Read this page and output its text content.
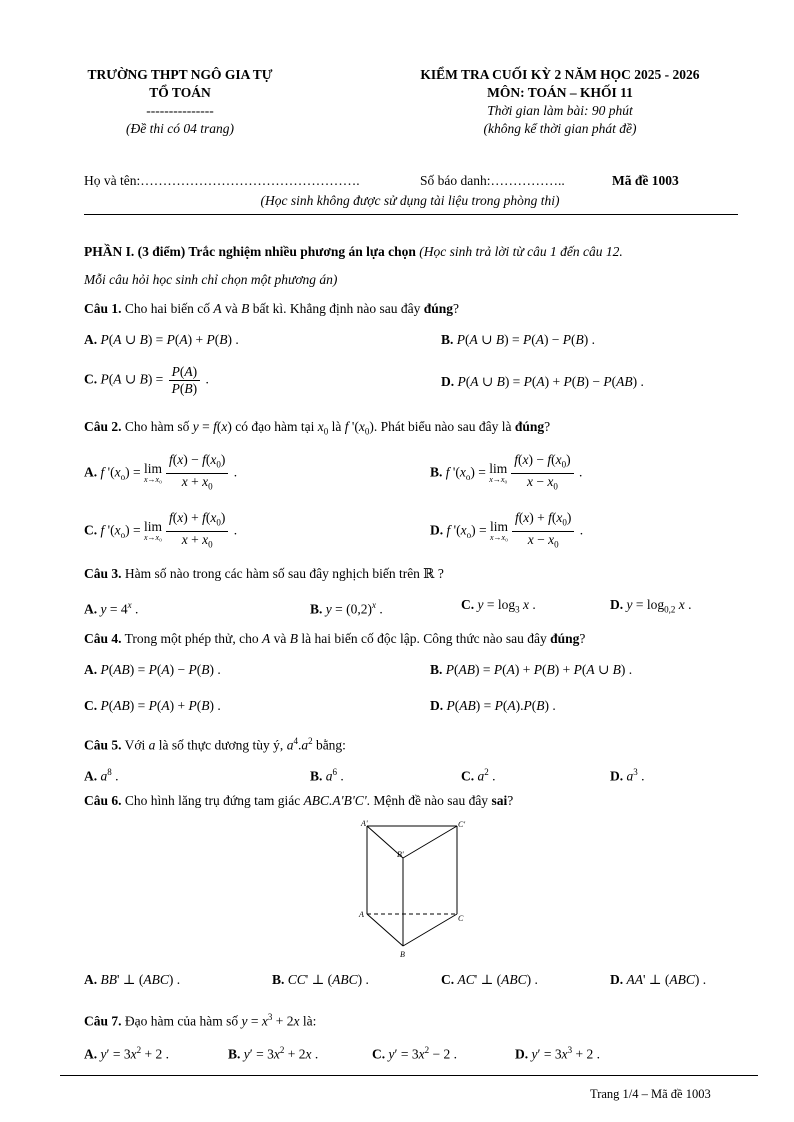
TRƯỜNG THPT NGÔ GIA TỰ
TỔ TOÁN
---------------
(Đề thi có 04 trang)
KIỂM TRA CUỐI KỲ 2 NĂM HỌC 2025 - 2026
MÔN: TOÁN – KHỐI 11
Thời gian làm bài: 90 phút
(không kể thời gian phát đề)
Họ và tên:………………………………………….	Số báo danh:……………..	Mã đề 1003
(Học sinh không được sử dụng tài liệu trong phòng thi)
PHẦN I. (3 điểm) Trắc nghiệm nhiều phương án lựa chọn (Học sinh trả lời từ câu 1 đến câu 12.
Mỗi câu hỏi học sinh chỉ chọn một phương án)
Câu 1. Cho hai biến cố A và B bất kì. Khẳng định nào sau đây đúng?
A. P(A ∪ B) = P(A) + P(B) .	B. P(A ∪ B) = P(A) − P(B) .
C. P(A ∪ $B) = \frac{P(A)}{P(B)}$ .	D. P(A ∪ B) = P(A) + P(B) − P(AB) .
Câu 2. Cho hàm số y = f(x) có đạo hàm tại $x_0$ là f '$(x_0)$. Phát biểu nào sau đây là đúng?
A. f '$(x_o) = \lim$
$x\to x_0 \frac{f(x) - f(x_0)}{x + x_0}$ .	B. f '$(x_o) = \lim$
$x\to x_0 \frac{f(x) - f(x_0)}{x - x_0}$ .
C. f '$(x_o) = \lim$
$x\to x_0 \frac{f(x) + f(x_0)}{x + x_0}$ .	D. f '$(x_o) = \lim$
$x\to x_0 \frac{f(x) + f(x_0)}{x - x_0}$ .
Câu 3. Hàm số nào trong các hàm số sau đây nghịch biến trên ℝ ?
A. $y = 4^x$ .	B. $y = (0,2)^x$ .	C. $y = \log_3 x$ .	D. $y = \log_{0,2} x$ .
Câu 4. Trong một phép thử, cho A và B là hai biến cố độc lập. Công thức nào sau đây đúng?
A. P(AB) = P(A) − P(B) .	B. P(AB) = P(A) + P(B) + P(A ∪ B) .
C. P(AB) = P(A) + P(B) .	D. P(AB) = P(A).P(B) .
Câu 5. Với a là số thực dương tùy ý, $a^4.a^2$ bằng:
A. $a^8$ .	B. $a^6$ .	C. $a^2$ .	D. $a^3$ .
Câu 6. Cho hình lăng trụ đứng tam giác ABC.A'B'C'. Mệnh đề nào sau đây sai?
A'	C'
B'
A	C
B
A. BB' ⊥ (ABC) .	B. CC' ⊥ (ABC) .	C. AC' ⊥ (ABC) .	D. AA' ⊥ (ABC) .
Câu 7. Đạo hàm của hàm số $y = x^3 + 2x$ là:
A. $y' = 3x^2 + 2$ .	B. $y' = 3x^2 + 2x$ .	C. $y' = 3x^2 - 2$ .	D. $y' = 3x^3 + 2$ .
Trang 1/4 – Mã đề 1003
